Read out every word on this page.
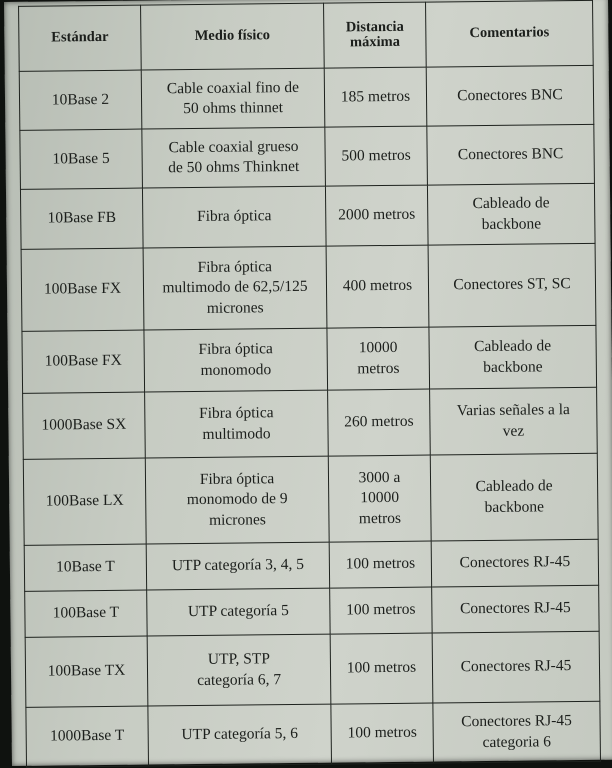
Estándar	Medio físico	Distancia
máxima	Comentarios

10Base 2	Cable coaxial fino de
50 ohms thinnet	185 metros	Conectores BNC

10Base 5	Cable coaxial grueso
de 50 ohms Thinknet	500 metros	Conectores BNC

10Base FB	Fibra óptica	2000 metros	Cableado de
backbone

100Base FX	Fibra óptica
multimodo de 62,5/125
micrones	400 metros	Conectores ST, SC

100Base FX	Fibra óptica
monomodo	10000
metros	Cableado de
backbone

1000Base SX	Fibra óptica
multimodo	260 metros	Varias señales a la
vez

100Base LX	Fibra óptica
monomodo de 9
micrones	3000 a
10000
metros	Cableado de
backbone

10Base T	UTP categoría 3, 4, 5	100 metros	Conectores RJ-45

100Base T	UTP categoría 5	100 metros	Conectores RJ-45

100Base TX	UTP, STP
categoría 6, 7	100 metros	Conectores RJ-45

1000Base T	UTP categoría 5, 6	100 metros	Conectores RJ-45
categoria 6
